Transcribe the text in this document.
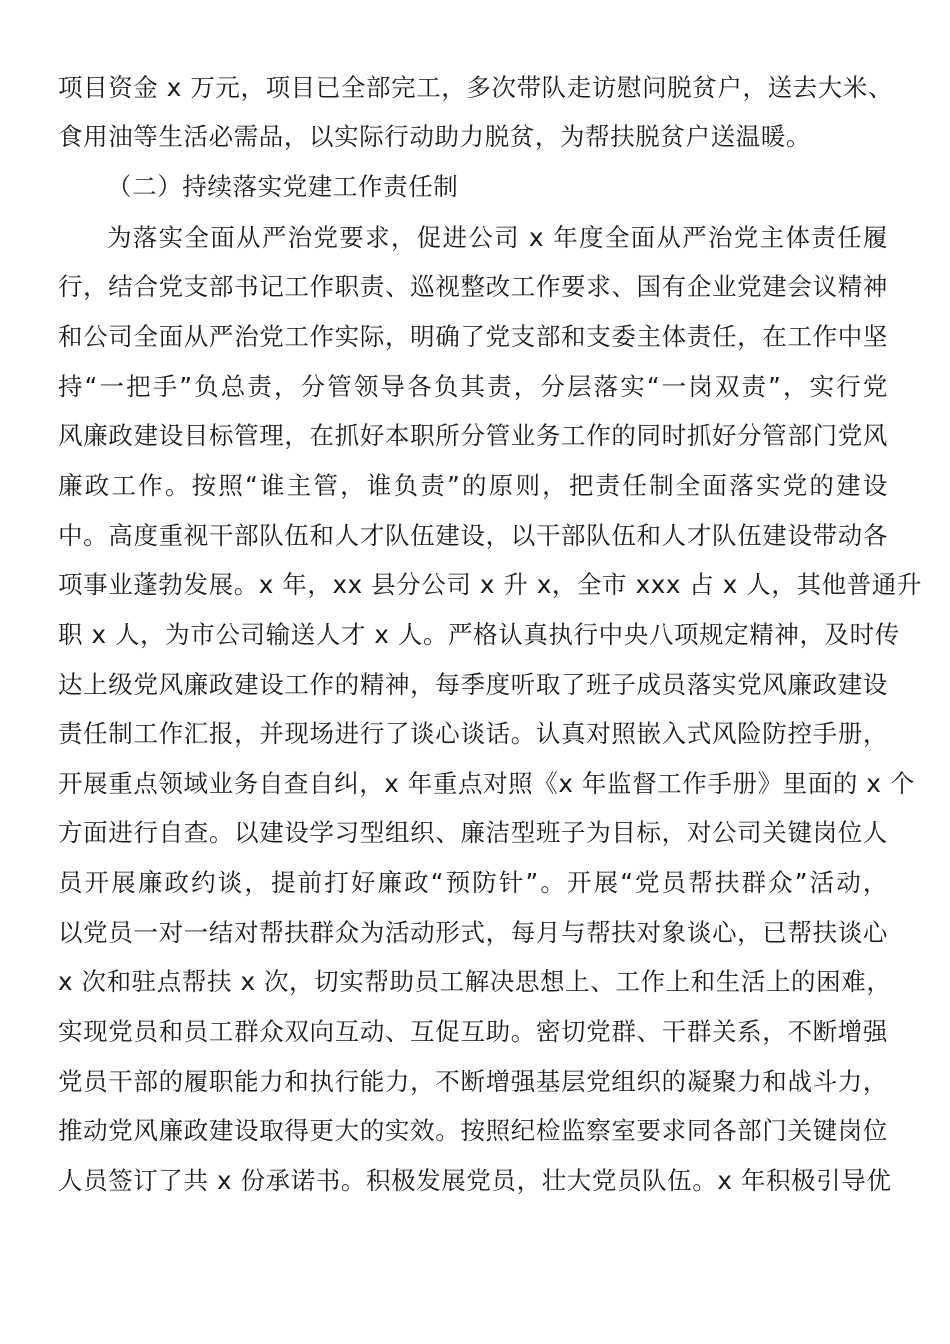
项目资金 x 万元，项目已全部完工，多次带队走访慰问脱贫户，送去大米、
食用油等生活必需品，以实际行动助力脱贫，为帮扶脱贫户送温暖。
（二）持续落实党建工作责任制
为落实全面从严治党要求，促进公司 x 年度全面从严治党主体责任履
行，结合党支部书记工作职责、巡视整改工作要求、国有企业党建会议精神
和公司全面从严治党工作实际，明确了党支部和支委主体责任，在工作中坚
持“一把手”负总责，分管领导各负其责，分层落实“一岗双责”，实行党
风廉政建设目标管理，在抓好本职所分管业务工作的同时抓好分管部门党风
廉政工作。按照“谁主管，谁负责”的原则，把责任制全面落实党的建设
中。高度重视干部队伍和人才队伍建设，以干部队伍和人才队伍建设带动各
项事业蓬勃发展。x 年，xx 县分公司 x 升 x，全市 xxx 占 x 人，其他普通升
职 x 人，为市公司输送人才 x 人。严格认真执行中央八项规定精神，及时传
达上级党风廉政建设工作的精神，每季度听取了班子成员落实党风廉政建设
责任制工作汇报，并现场进行了谈心谈话。认真对照嵌入式风险防控手册，
开展重点领域业务自查自纠，x 年重点对照《x 年监督工作手册》里面的 x 个
方面进行自查。以建设学习型组织、廉洁型班子为目标，对公司关键岗位人
员开展廉政约谈，提前打好廉政“预防针”。开展“党员帮扶群众”活动，
以党员一对一结对帮扶群众为活动形式，每月与帮扶对象谈心，已帮扶谈心
x 次和驻点帮扶 x 次，切实帮助员工解决思想上、工作上和生活上的困难，
实现党员和员工群众双向互动、互促互助。密切党群、干群关系，不断增强
党员干部的履职能力和执行能力，不断增强基层党组织的凝聚力和战斗力，
推动党风廉政建设取得更大的实效。按照纪检监察室要求同各部门关键岗位
人员签订了共 x 份承诺书。积极发展党员，壮大党员队伍。x 年积极引导优
